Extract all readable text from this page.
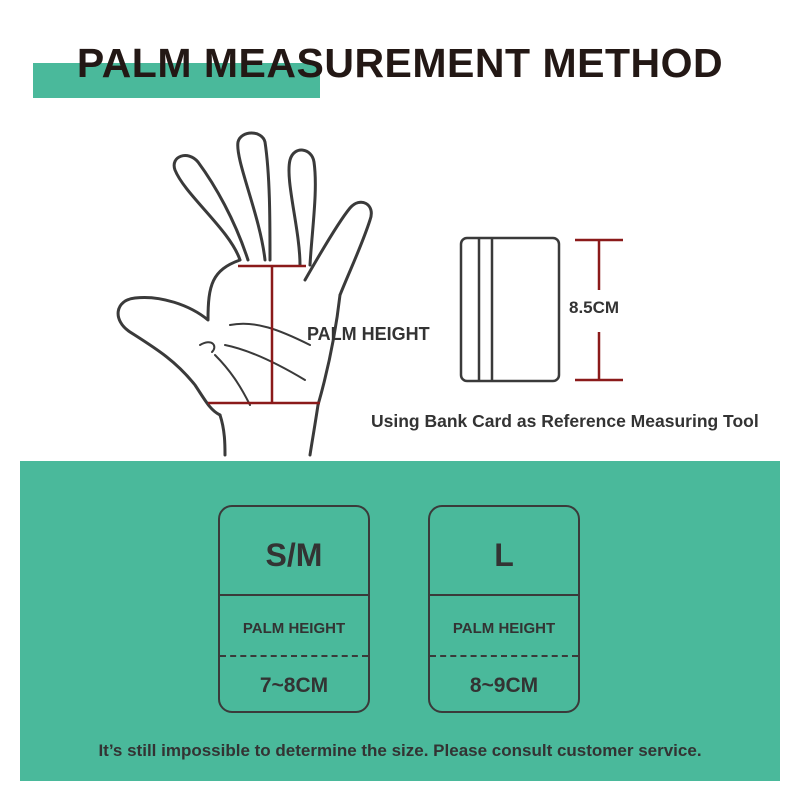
PALM MEASUREMENT METHOD
PALM HEIGHT
8.5CM
Using Bank Card as Reference Measuring Tool
S/M
PALM HEIGHT
7~8CM
L
PALM HEIGHT
8~9CM
It’s still impossible to determine the size. Please consult customer service.
